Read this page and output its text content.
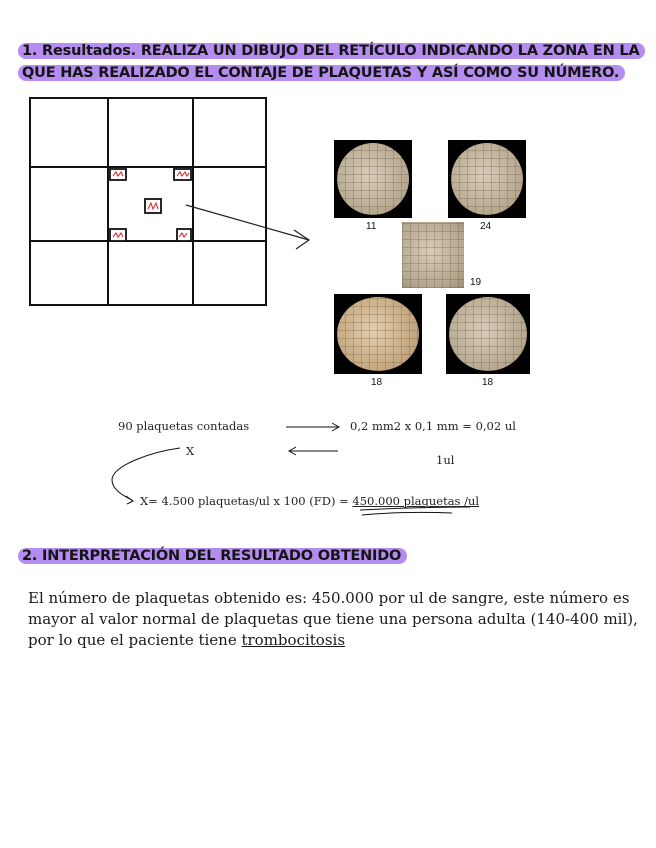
1. Resultados. REALIZA UN DIBUJO DEL RETÍCULO INDICANDO LA ZONA EN LA QUE HAS REALIZADO EL CONTAJE DE PLAQUETAS Y ASÍ COMO SU NÚMERO.
11	24
19
18	18
90 plaquetas contadas	0,2 mm2 x 0,1 mm = 0,02 ul
X
1ul
X= 4.500 plaquetas/ul x 100 (FD) = 450.000 plaquetas /ul
2. INTERPRETACIÓN DEL RESULTADO OBTENIDO
El número de plaquetas obtenido es: 450.000 por ul de sangre, este número es mayor al valor normal de plaquetas que tiene una persona adulta (140-400 mil), por lo que el paciente tiene trombocitosis
